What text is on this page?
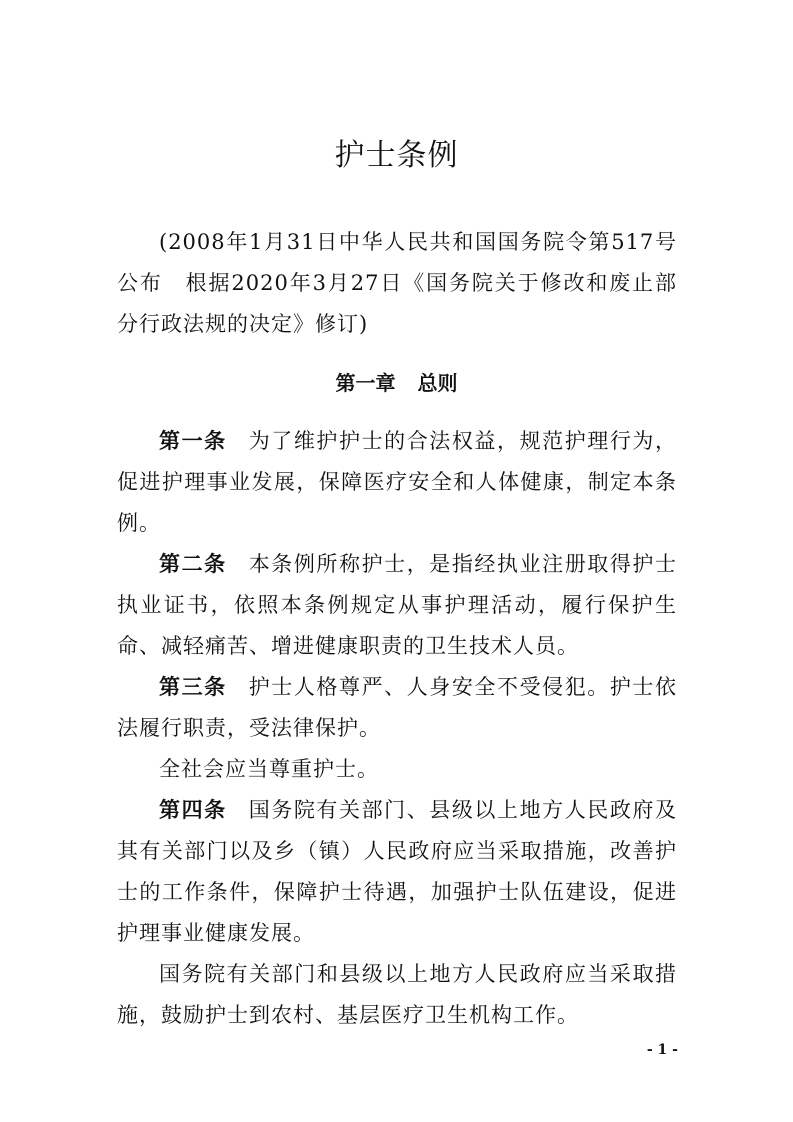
护士条例

(2008年1月31日中华人民共和国国务院令第517号公布　根据2020年3月27日《国务院关于修改和废止部分行政法规的决定》修订)

第一章 总则

第一条 为了维护护士的合法权益，规范护理行为，促进护理事业发展，保障医疗安全和人体健康，制定本条例。

第二条 本条例所称护士，是指经执业注册取得护士执业证书，依照本条例规定从事护理活动，履行保护生命、减轻痛苦、增进健康职责的卫生技术人员。

第三条 护士人格尊严、人身安全不受侵犯。护士依法履行职责，受法律保护。

全社会应当尊重护士。

第四条 国务院有关部门、县级以上地方人民政府及其有关部门以及乡（镇）人民政府应当采取措施，改善护士的工作条件，保障护士待遇，加强护士队伍建设，促进护理事业健康发展。

国务院有关部门和县级以上地方人民政府应当采取措施，鼓励护士到农村、基层医疗卫生机构工作。

- 1 -
